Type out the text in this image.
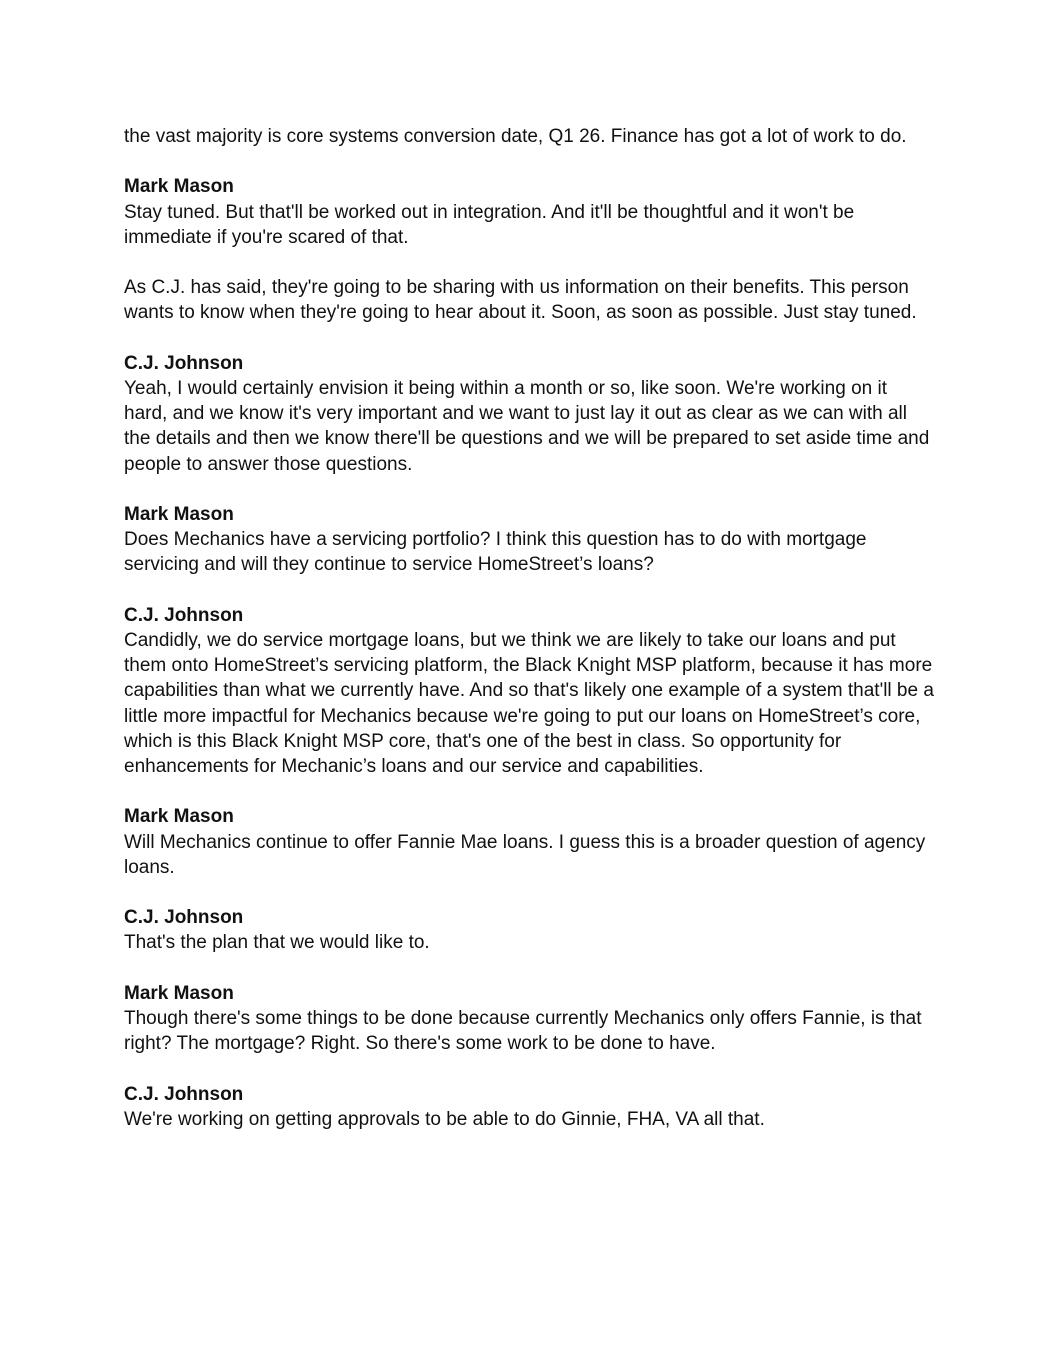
the vast majority is core systems conversion date, Q1 26. Finance has got a lot of work to do.

Mark Mason

Stay tuned. But that'll be worked out in integration. And it'll be thoughtful and it won't be immediate if you're scared of that.

As C.J. has said, they're going to be sharing with us information on their benefits. This person wants to know when they're going to hear about it. Soon, as soon as possible. Just stay tuned.

C.J. Johnson

Yeah, I would certainly envision it being within a month or so, like soon. We're working on it hard, and we know it's very important and we want to just lay it out as clear as we can with all the details and then we know there'll be questions and we will be prepared to set aside time and people to answer those questions.

Mark Mason

Does Mechanics have a servicing portfolio? I think this question has to do with mortgage servicing and will they continue to service HomeStreet’s loans?

C.J. Johnson

Candidly, we do service mortgage loans, but we think we are likely to take our loans and put them onto HomeStreet’s servicing platform, the Black Knight MSP platform, because it has more capabilities than what we currently have. And so that's likely one example of a system that'll be a little more impactful for Mechanics because we're going to put our loans on HomeStreet’s core, which is this Black Knight MSP core, that's one of the best in class. So opportunity for enhancements for Mechanic’s loans and our service and capabilities.

Mark Mason

Will Mechanics continue to offer Fannie Mae loans. I guess this is a broader question of agency loans.

C.J. Johnson

That's the plan that we would like to.

Mark Mason

Though there's some things to be done because currently Mechanics only offers Fannie, is that right? The mortgage? Right. So there's some work to be done to have.

C.J. Johnson

We're working on getting approvals to be able to do Ginnie, FHA, VA all that.
